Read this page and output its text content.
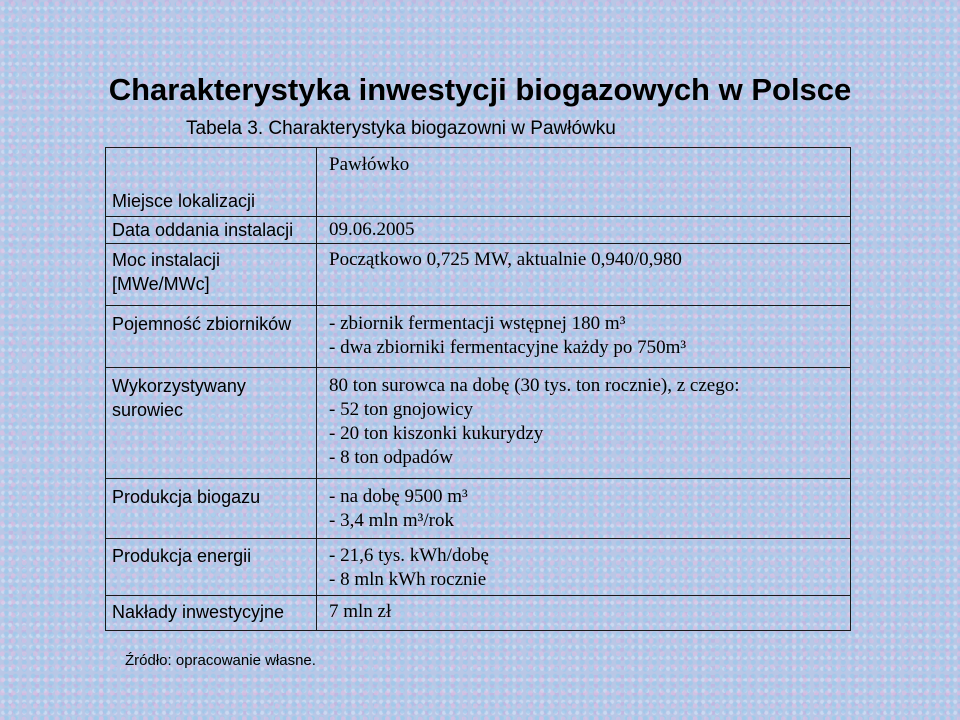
Charakterystyka inwestycji biogazowych w Polsce
Tabela 3. Charakterystyka biogazowni w Pawłówku
Miejsce lokalizacji	Pawłówko

Data oddania instalacji	09.06.2005

Moc instalacji
[MWe/MWc]	Początkowo 0,725 MW, aktualnie 0,940/0,980

Pojemność zbiorników	- zbiornik fermentacji wstępnej 180 m³
- dwa zbiorniki fermentacyjne każdy po 750m³

Wykorzystywany
surowiec	80 ton surowca na dobę (30 tys. ton rocznie), z czego:
- 52 ton gnojowicy
- 20 ton kiszonki kukurydzy
- 8 ton odpadów

Produkcja biogazu	- na dobę 9500 m³
- 3,4 mln m³/rok

Produkcja energii	- 21,6 tys. kWh/dobę
- 8 mln kWh rocznie

Nakłady inwestycyjne	7 mln zł
Źródło: opracowanie własne.
